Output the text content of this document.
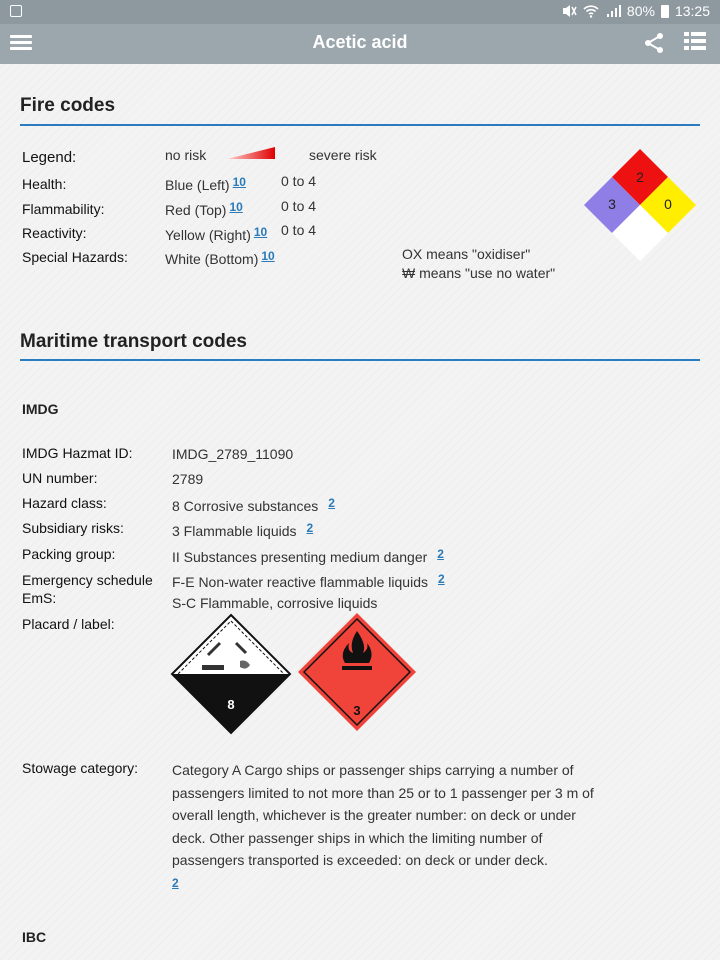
80% 13:25
Acetic acid
Fire codes
Legend:	no risk	severe risk
Health:	Blue (Left) 10	0 to 4
Flammability:	Red (Top) 10	0 to 4
Reactivity:	Yellow (Right) 10 0 to 4
Special Hazards:	White (Bottom) 10	OX means "oxidiser"
₩ means "use no water"
2
3	0
Maritime transport codes
IMDG
IMDG Hazmat ID:	IMDG_2789_11090
UN number:	2789
Hazard class:	8 Corrosive substances 2
Subsidiary risks:	3 Flammable liquids 2
Packing group:	II Substances presenting medium danger 2
Emergency schedule
EmS:
F-E Non-water reactive flammable liquids 2
S-C Flammable, corrosive liquids
Placard / label:
8	3
Stowage category: Category A Cargo ships or passenger ships carrying a number of passengers limited to not more than 25 or to 1 passenger per 3 m of overall length, whichever is the greater number: on deck or under deck. Other passenger ships in which the limiting number of passengers transported is exceeded: on deck or under deck.
2
IBC
